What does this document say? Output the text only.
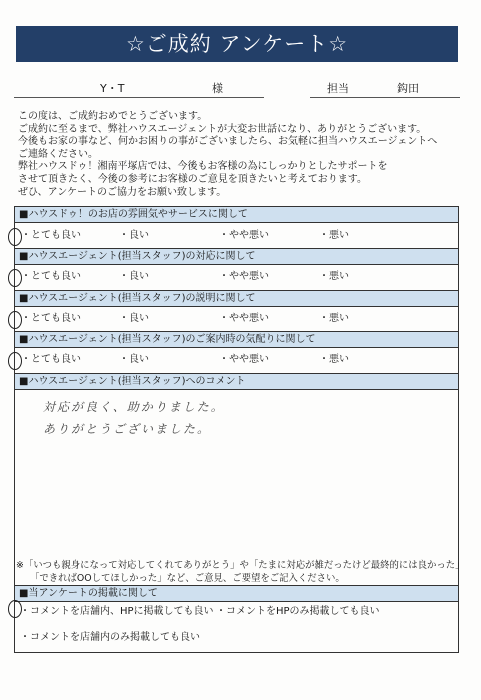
☆ご成約 アンケート☆
Y・T	様	担当	鈎田
この度は、ご成約おめでとうございます。
ご成約に至るまで、弊社ハウスエージェントが大変お世話になり、ありがとうございます。
今後もお家の事など、何かお困りの事がございましたら、お気軽に担当ハウスエージェントへ
ご連絡ください。
弊社ハウスドゥ！湘南平塚店では、今後もお客様の為にしっかりとしたサポートを
させて頂きたく、今後の参考にお客様のご意見を頂きたいと考えております。
ぜひ、アンケートのご協力をお願い致します。
■ハウスドゥ！のお店の雰囲気やサービスに関して
・とても良い	・良い	・やや悪い	・悪い
■ハウスエージェント(担当スタッフ)の対応に関して
・とても良い	・良い	・やや悪い	・悪い
■ハウスエージェント(担当スタッフ)の説明に関して
・とても良い	・良い	・やや悪い	・悪い
■ハウスエージェント(担当スタッフ)のご案内時の気配りに関して
・とても良い	・良い	・やや悪い	・悪い
■ハウスエージェント(担当スタッフ)へのコメント
対応が良く、助かりました。
ありがとうございました。
※「いつも親身になって対応してくれてありがとう」や「たまに対応が雑だったけど最終的には良かった」
「できればOOしてほしかった」など、ご意見、ご要望をご記入ください。
■当アンケートの掲載に関して
・コメントを店舗内、HPに掲載しても良い ・コメントをHPのみ掲載しても良い
・コメントを店舗内のみ掲載しても良い
